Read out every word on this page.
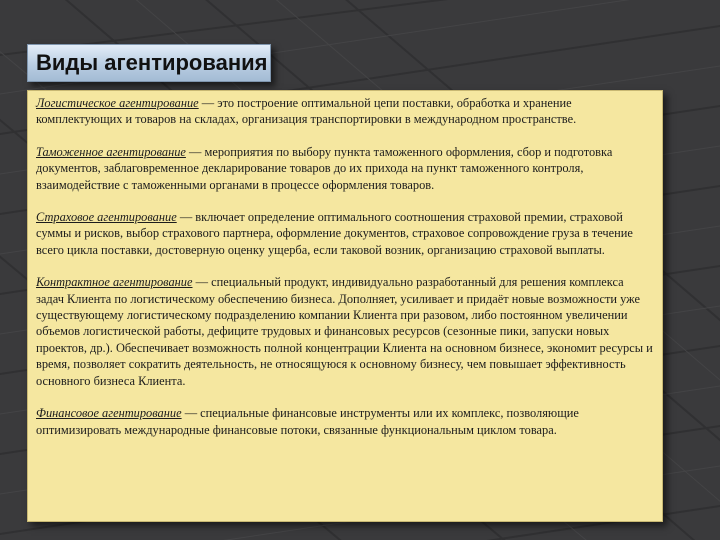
Виды агентирования

Логистическое агентирование — это построение оптимальной цепи поставки, обработка и хранение комплектующих и товаров на складах, организация транспортировки в международном пространстве.

Таможенное агентирование — мероприятия по выбору пункта таможенного оформления, сбор и подготовка документов, заблаговременное декларирование товаров до их прихода на пункт таможенного контроля, взаимодействие с таможенными органами в процессе оформления товаров.

Страховое агентирование — включает определение оптимального соотношения страховой премии, страховой суммы и рисков, выбор страхового партнера, оформление документов, страховое сопровождение груза в течение всего цикла поставки, достоверную оценку ущерба, если таковой возник, организацию страховой выплаты.

Контрактное агентирование — специальный продукт, индивидуально разработанный для решения комплекса задач Клиента по логистическому обеспечению бизнеса. Дополняет, усиливает и придаёт новые возможности уже существующему логистическому подразделению компании Клиента при разовом, либо постоянном увеличении объемов логистической работы, дефиците трудовых и финансовых ресурсов (сезонные пики, запуски новых проектов, др.). Обеспечивает возможность полной концентрации Клиента на основном бизнесе, экономит ресурсы и время, позволяет сократить деятельность, не относящуюся к основному бизнесу, чем повышает эффективность основного бизнеса Клиента.

Финансовое агентирование — специальные финансовые инструменты или их комплекс, позволяющие оптимизировать международные финансовые потоки, связанные функциональным циклом товара.
